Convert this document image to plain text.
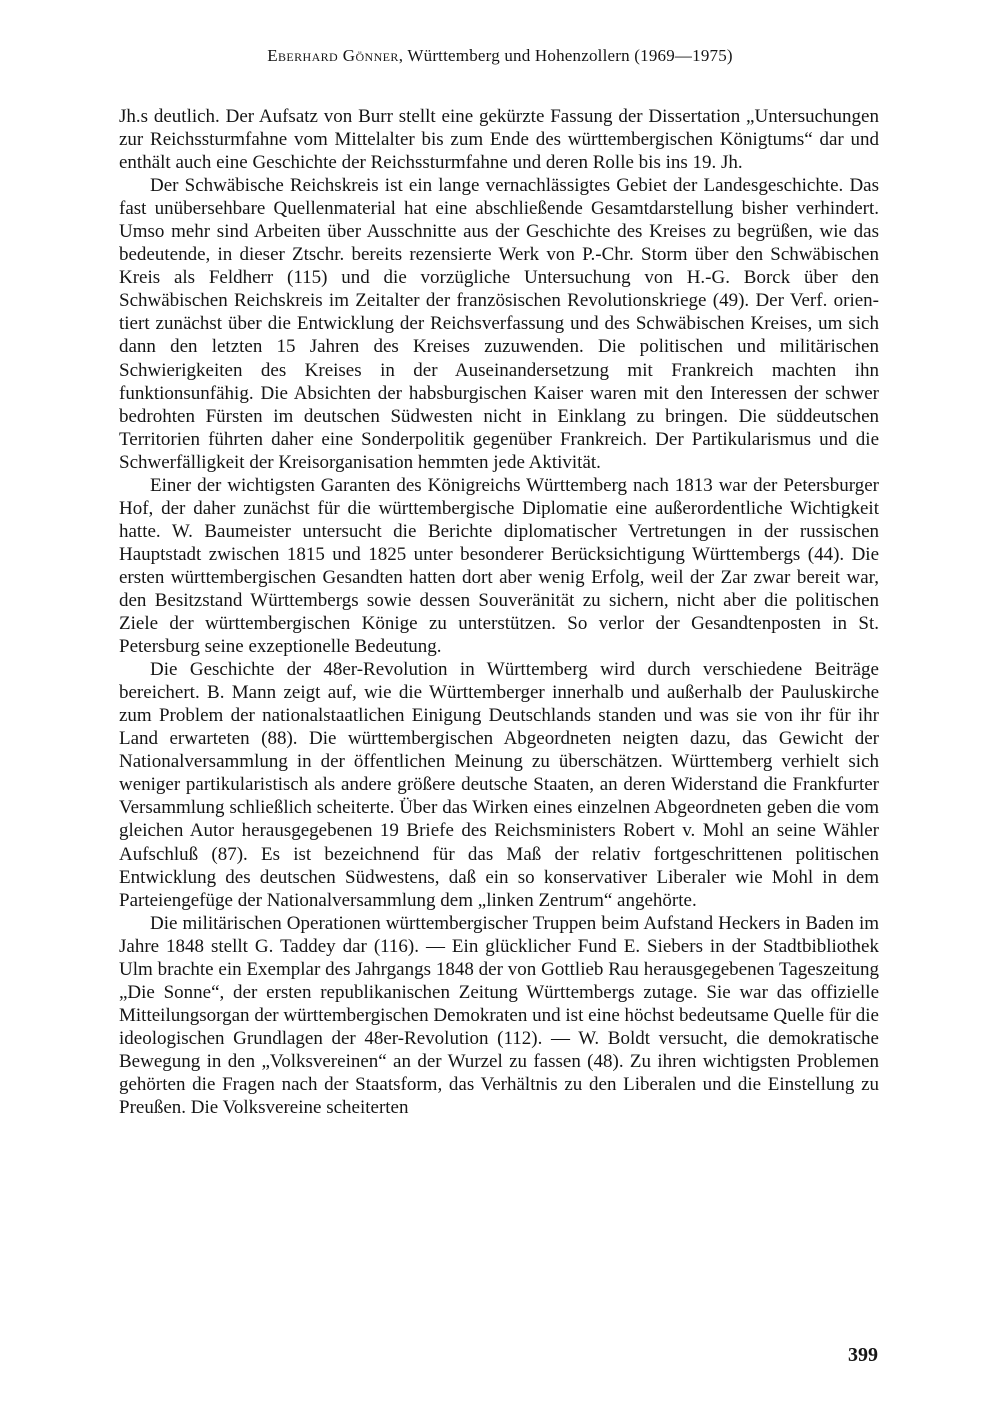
Eberhard Gönner, Württemberg und Hohenzollern (1969—1975)

Jh.s deutlich. Der Aufsatz von Burr stellt eine gekürzte Fassung der Dissertation „Untersuchungen zur Reichssturmfahne vom Mittelalter bis zum Ende des württembergischen Königtums“ dar und enthält auch eine Geschichte der Reichssturmfahne und deren Rolle bis ins 19. Jh.

Der Schwäbische Reichskreis ist ein lange vernachlässigtes Gebiet der Landesgeschichte. Das fast unübersehbare Quellenmaterial hat eine abschließende Gesamtdarstellung bisher verhindert. Umso mehr sind Arbeiten über Ausschnitte aus der Geschichte des Kreises zu begrüßen, wie das bedeutende, in dieser Ztschr. bereits rezensierte Werk von P.-Chr. Storm über den Schwäbischen Kreis als Feldherr (115) und die vorzügliche Untersuchung von H.-G. Borck über den Schwäbischen Reichskreis im Zeitalter der französischen Revolutionskriege (49). Der Verf. orientiert zunächst über die Entwicklung der Reichsverfassung und des Schwäbischen Kreises, um sich dann den letzten 15 Jahren des Kreises zuzuwenden. Die politischen und militärischen Schwierigkeiten des Kreises in der Auseinandersetzung mit Frankreich machten ihn funktionsunfähig. Die Absichten der habsburgischen Kaiser waren mit den Interessen der schwer bedrohten Fürsten im deutschen Südwesten nicht in Einklang zu bringen. Die süddeutschen Territorien führten daher eine Sonderpolitik gegenüber Frankreich. Der Partikularismus und die Schwerfälligkeit der Kreisorganisation hemmten jede Aktivität.

Einer der wichtigsten Garanten des Königreichs Württemberg nach 1813 war der Petersburger Hof, der daher zunächst für die württembergische Diplomatie eine außerordentliche Wichtigkeit hatte. W. Baumeister untersucht die Berichte diplomatischer Vertretungen in der russischen Hauptstadt zwischen 1815 und 1825 unter besonderer Berücksichtigung Württembergs (44). Die ersten württembergischen Gesandten hatten dort aber wenig Erfolg, weil der Zar zwar bereit war, den Besitzstand Württembergs sowie dessen Souveränität zu sichern, nicht aber die politischen Ziele der württembergischen Könige zu unterstützen. So verlor der Gesandtenposten in St. Petersburg seine exzeptionelle Bedeutung.

Die Geschichte der 48er-Revolution in Württemberg wird durch verschiedene Beiträge bereichert. B. Mann zeigt auf, wie die Württemberger innerhalb und außerhalb der Pauluskirche zum Problem der nationalstaatlichen Einigung Deutschlands standen und was sie von ihr für ihr Land erwarteten (88). Die württembergischen Abgeordneten neigten dazu, das Gewicht der Nationalversammlung in der öffentlichen Meinung zu überschätzen. Württemberg verhielt sich weniger partikularistisch als andere größere deutsche Staaten, an deren Widerstand die Frankfurter Versammlung schließlich scheiterte. Über das Wirken eines einzelnen Abgeordneten geben die vom gleichen Autor herausgegebenen 19 Briefe des Reichsministers Robert v. Mohl an seine Wähler Aufschluß (87). Es ist bezeichnend für das Maß der relativ fortgeschrittenen politischen Entwicklung des deutschen Südwestens, daß ein so konservativer Liberaler wie Mohl in dem Parteiengefüge der Nationalversammlung dem „linken Zentrum“ angehörte.

Die militärischen Operationen württembergischer Truppen beim Aufstand Heckers in Baden im Jahre 1848 stellt G. Taddey dar (116). — Ein glücklicher Fund E. Siebers in der Stadtbibliothek Ulm brachte ein Exemplar des Jahrgangs 1848 der von Gottlieb Rau herausgegebenen Tageszeitung „Die Sonne“, der ersten republikanischen Zeitung Württembergs zutage. Sie war das offizielle Mitteilungsorgan der württembergischen Demokraten und ist eine höchst bedeutsame Quelle für die ideologischen Grundlagen der 48er-Revolution (112). — W. Boldt versucht, die demokratische Bewegung in den „Volksvereinen“ an der Wurzel zu fassen (48). Zu ihren wichtigsten Problemen gehörten die Fragen nach der Staatsform, das Verhältnis zu den Liberalen und die Einstellung zu Preußen. Die Volksvereine scheiterten

399
